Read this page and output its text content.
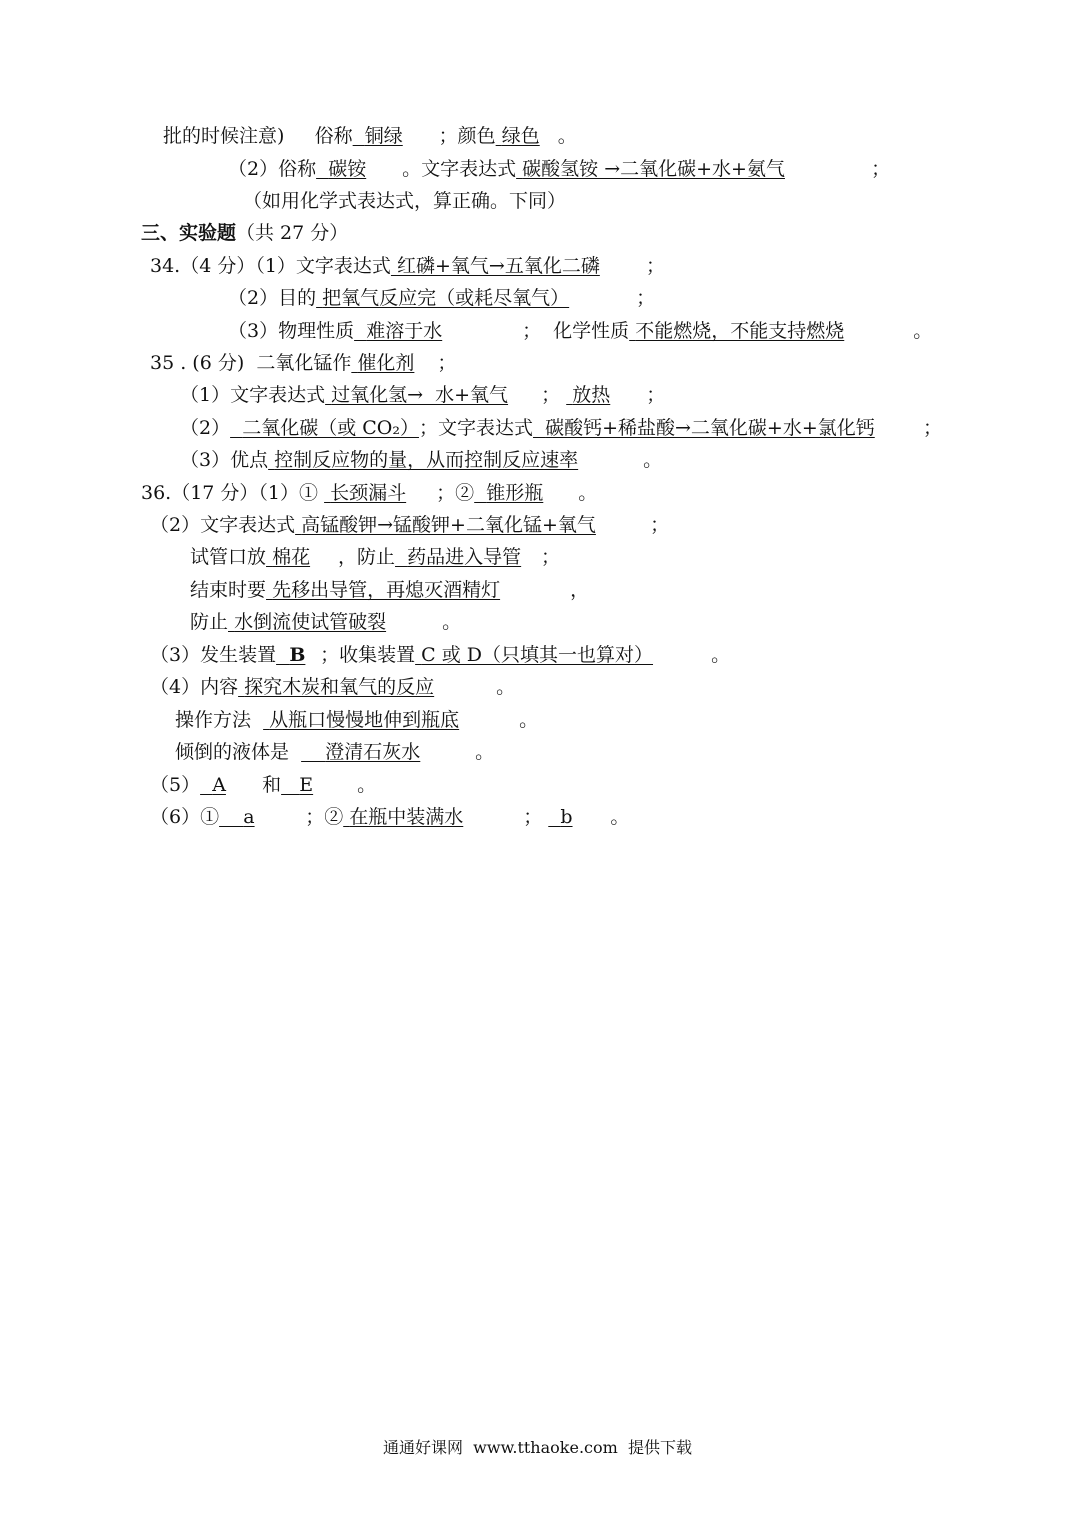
批的时候注意) 俗称 铜绿 ；颜色 绿色 。
（2）俗称 碳铵 。文字表达式 碳酸氢铵 →二氧化碳+水+氨气	；
（如用化学式表达式，算正确。下同）
三、实验题（共 27 分）
34.（4 分）（1）文字表达式 红磷+氧气→五氧化二磷 ；
（2）目的 把氧气反应完（或耗尽氧气）	；
（3）物理性质 难溶于水	；  化学性质 不能燃烧，不能支持燃烧	。
35 . (6 分)  二氧化锰作 催化剂 ；
（1）文字表达式 过氧化氢→  水+氧气 ； 放热 ；
（2） 二氧化碳（或 CO₂）；文字表达式 碳酸钙+稀盐酸→二氧化碳+水+氯化钙	；
（3）优点 控制反应物的量，从而控制反应速率	。
36.（17 分）（1）① 长颈漏斗 ；② 锥形瓶 。
（2）文字表达式 高锰酸钾→锰酸钾+二氧化锰+氧气	；
试管口放 棉花 ，防止 药品进入导管 ；
结束时要 先移出导管，再熄灭酒精灯	，
防止 水倒流使试管破裂	。
（3）发生装置 B ；收集装置 C 或 D（只填其一也算对）	。
（4）内容 探究木炭和氧气的反应	。
操作方法 从瓶口慢慢地伸到瓶底	。
倾倒的液体是 澄清石灰水	。
（5） A 和 E 。
（6）① a	；② 在瓶中装满水	； b 。
通通好课网  www.tthaoke.com  提供下载
